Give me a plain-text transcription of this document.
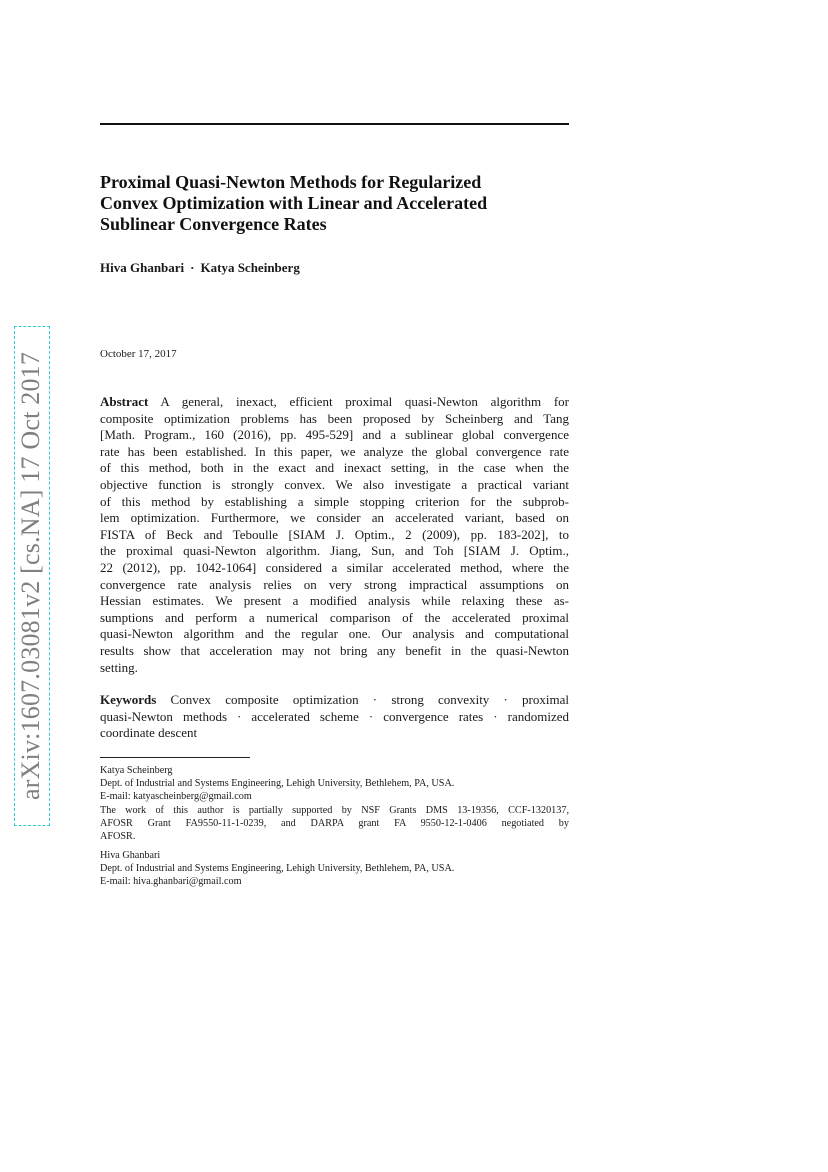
Proximal Quasi-Newton Methods for Regularized
Convex Optimization with Linear and Accelerated
Sublinear Convergence Rates
Hiva Ghanbari · Katya Scheinberg
October 17, 2017
Abstract A general, inexact, efficient proximal quasi-Newton algorithm for
composite optimization problems has been proposed by Scheinberg and Tang
[Math. Program., 160 (2016), pp. 495-529] and a sublinear global convergence
rate has been established. In this paper, we analyze the global convergence rate
of this method, both in the exact and inexact setting, in the case when the
objective function is strongly convex. We also investigate a practical variant
of this method by establishing a simple stopping criterion for the subprob-
lem optimization. Furthermore, we consider an accelerated variant, based on
FISTA of Beck and Teboulle [SIAM J. Optim., 2 (2009), pp. 183-202], to
the proximal quasi-Newton algorithm. Jiang, Sun, and Toh [SIAM J. Optim.,
22 (2012), pp. 1042-1064] considered a similar accelerated method, where the
convergence rate analysis relies on very strong impractical assumptions on
Hessian estimates. We present a modified analysis while relaxing these as-
sumptions and perform a numerical comparison of the accelerated proximal
quasi-Newton algorithm and the regular one. Our analysis and computational
results show that acceleration may not bring any benefit in the quasi-Newton
setting.
Keywords Convex composite optimization · strong convexity · proximal
quasi-Newton methods · accelerated scheme · convergence rates · randomized
coordinate descent
Katya Scheinberg
Dept. of Industrial and Systems Engineering, Lehigh University, Bethlehem, PA, USA.
E-mail: katyascheinberg@gmail.com
The work of this author is partially supported by NSF Grants DMS 13-19356, CCF-1320137,
AFOSR Grant FA9550-11-1-0239, and DARPA grant FA 9550-12-1-0406 negotiated by
AFOSR.
Hiva Ghanbari
Dept. of Industrial and Systems Engineering, Lehigh University, Bethlehem, PA, USA.
E-mail: hiva.ghanbari@gmail.com
arXiv:1607.03081v2 [cs.NA] 17 Oct 2017
